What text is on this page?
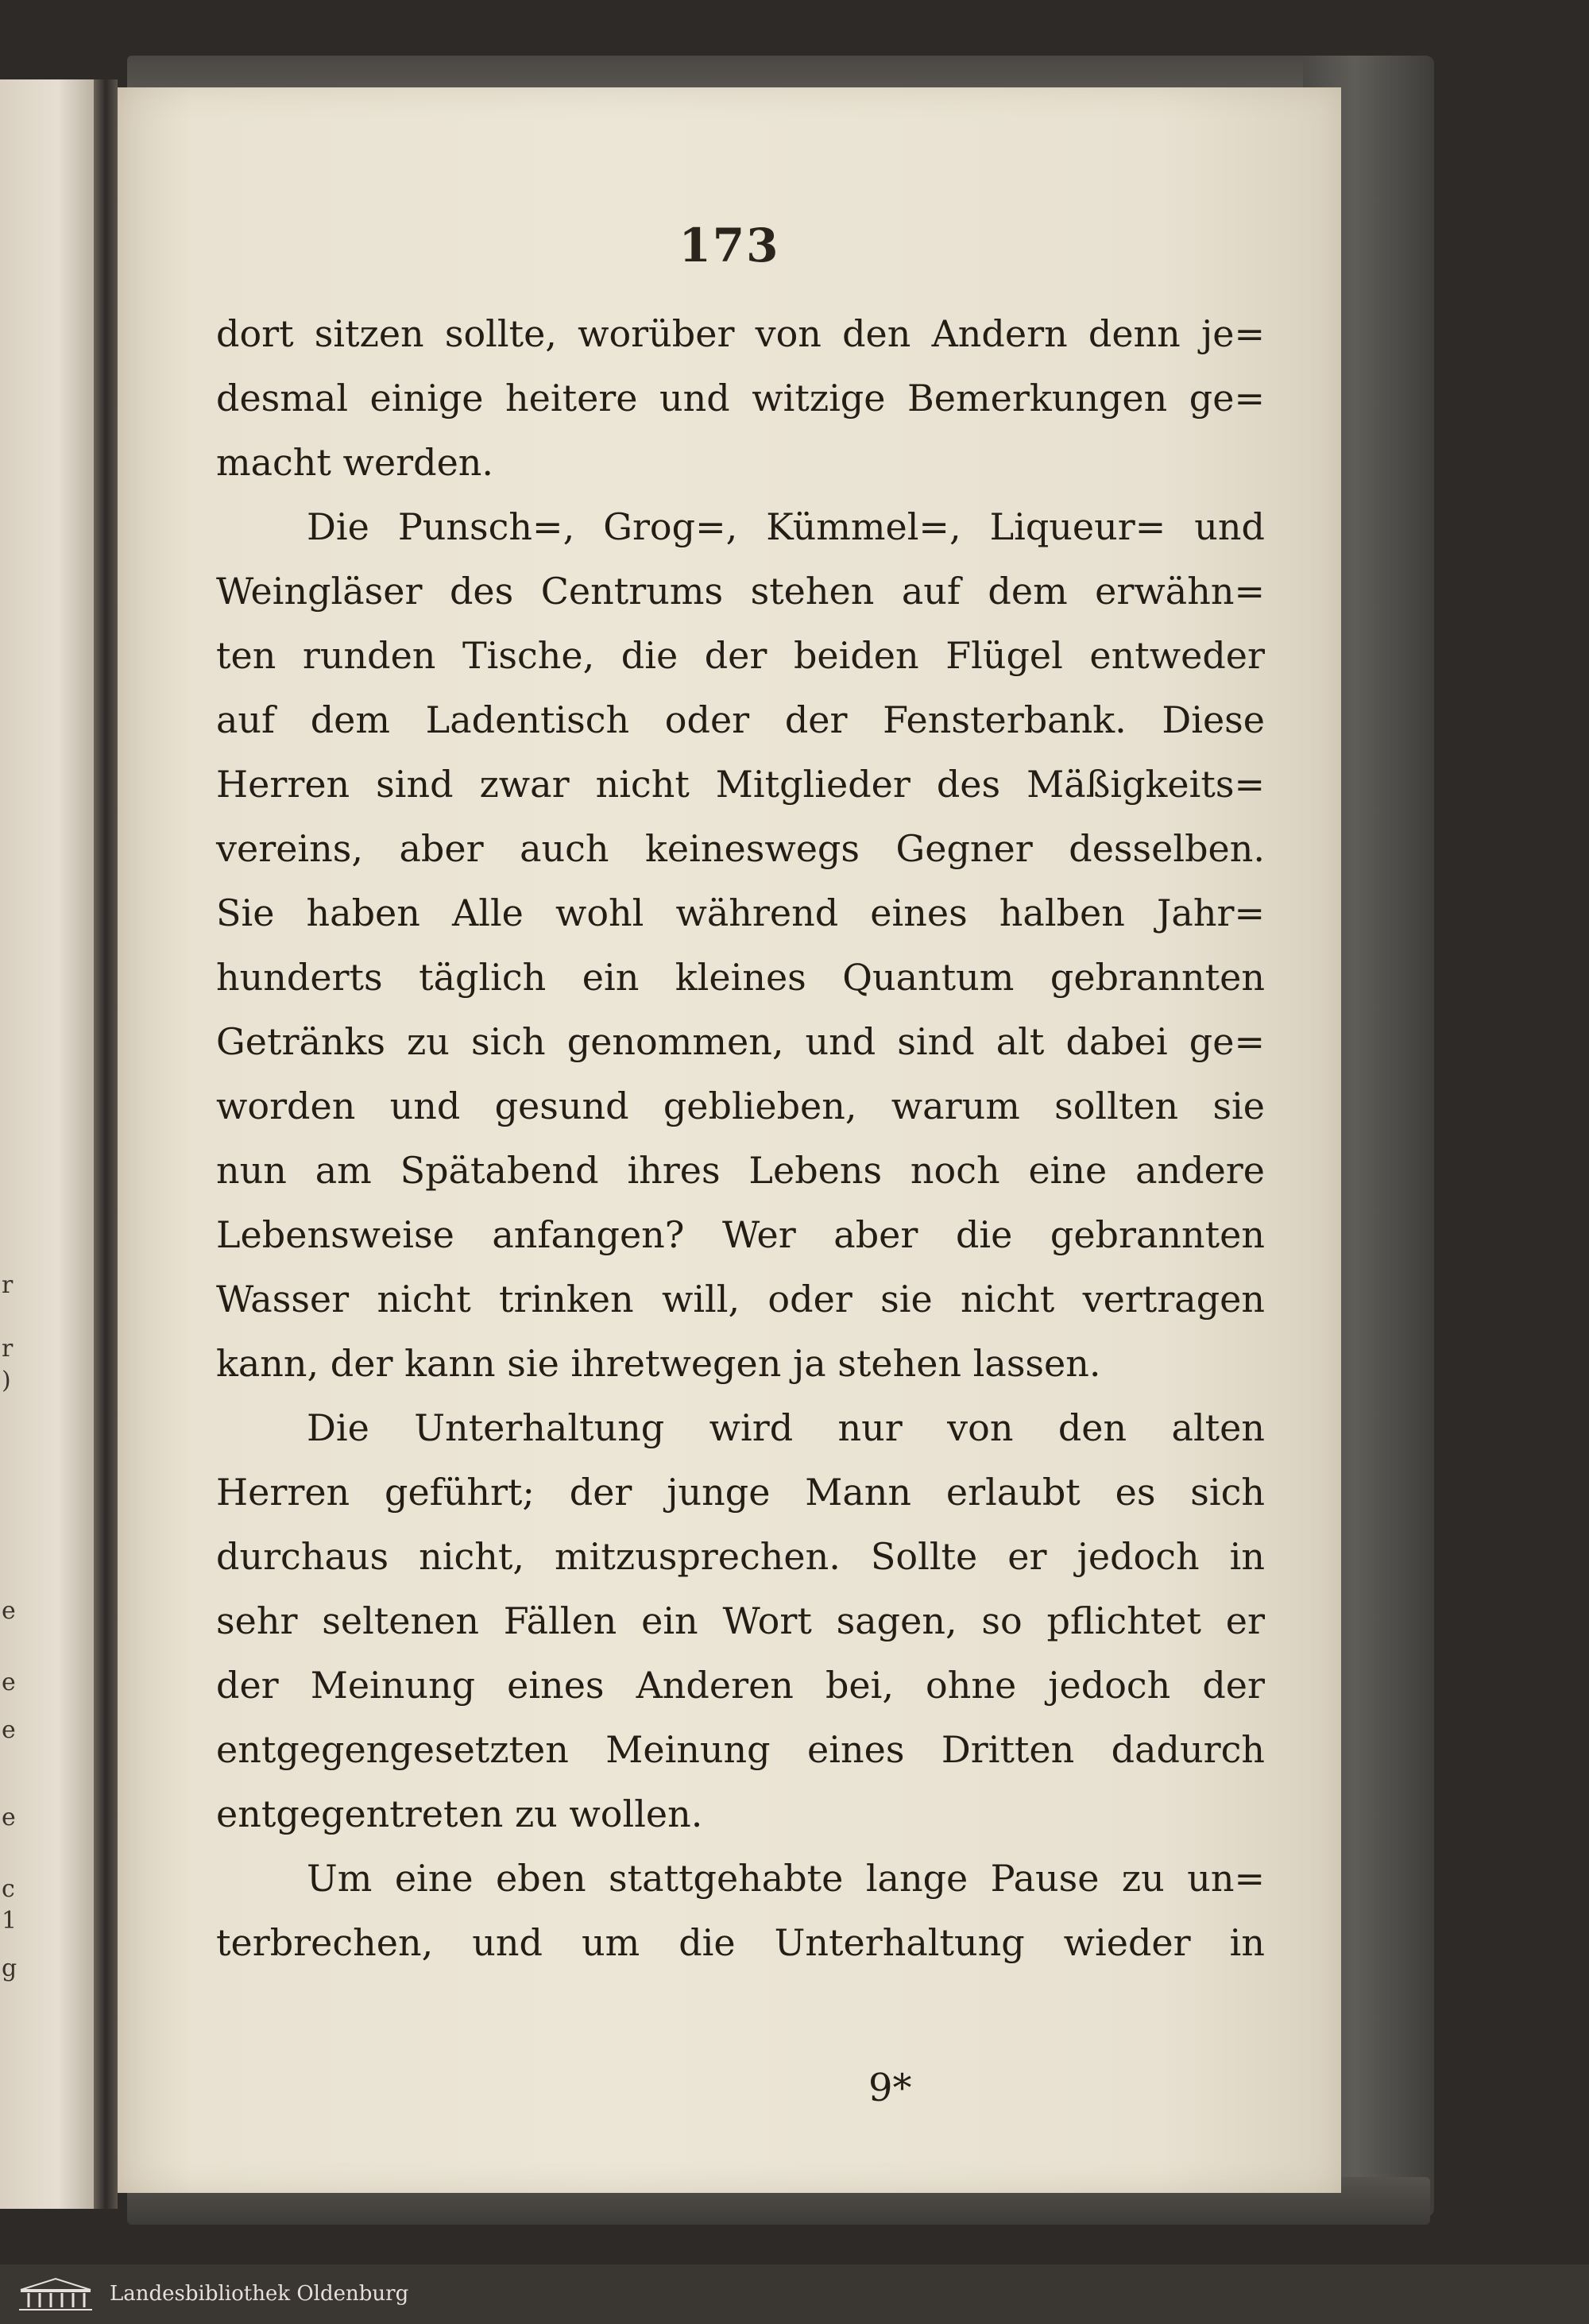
r
r
)
e
e
e
e
c
1
g
173
dort sitzen sollte, worüber von den Andern denn je=
desmal einige heitere und witzige Bemerkungen ge=
macht werden.
Die Punsch=, Grog=, Kümmel=, Liqueur= und
Weingläser des Centrums stehen auf dem erwähn=
ten runden Tische, die der beiden Flügel entweder
auf dem Ladentisch oder der Fensterbank. Diese
Herren sind zwar nicht Mitglieder des Mäßigkeits=
vereins, aber auch keineswegs Gegner desselben.
Sie haben Alle wohl während eines halben Jahr=
hunderts täglich ein kleines Quantum gebrannten
Getränks zu sich genommen, und sind alt dabei ge=
worden und gesund geblieben, warum sollten sie
nun am Spätabend ihres Lebens noch eine andere
Lebensweise anfangen? Wer aber die gebrannten
Wasser nicht trinken will, oder sie nicht vertragen
kann, der kann sie ihretwegen ja stehen lassen.
Die Unterhaltung wird nur von den alten
Herren geführt; der junge Mann erlaubt es sich
durchaus nicht, mitzusprechen. Sollte er jedoch in
sehr seltenen Fällen ein Wort sagen, so pflichtet er
der Meinung eines Anderen bei, ohne jedoch der
entgegengesetzten Meinung eines Dritten dadurch
entgegentreten zu wollen.
Um eine eben stattgehabte lange Pause zu un=
terbrechen, und um die Unterhaltung wieder in
9*
Landesbibliothek Oldenburg
